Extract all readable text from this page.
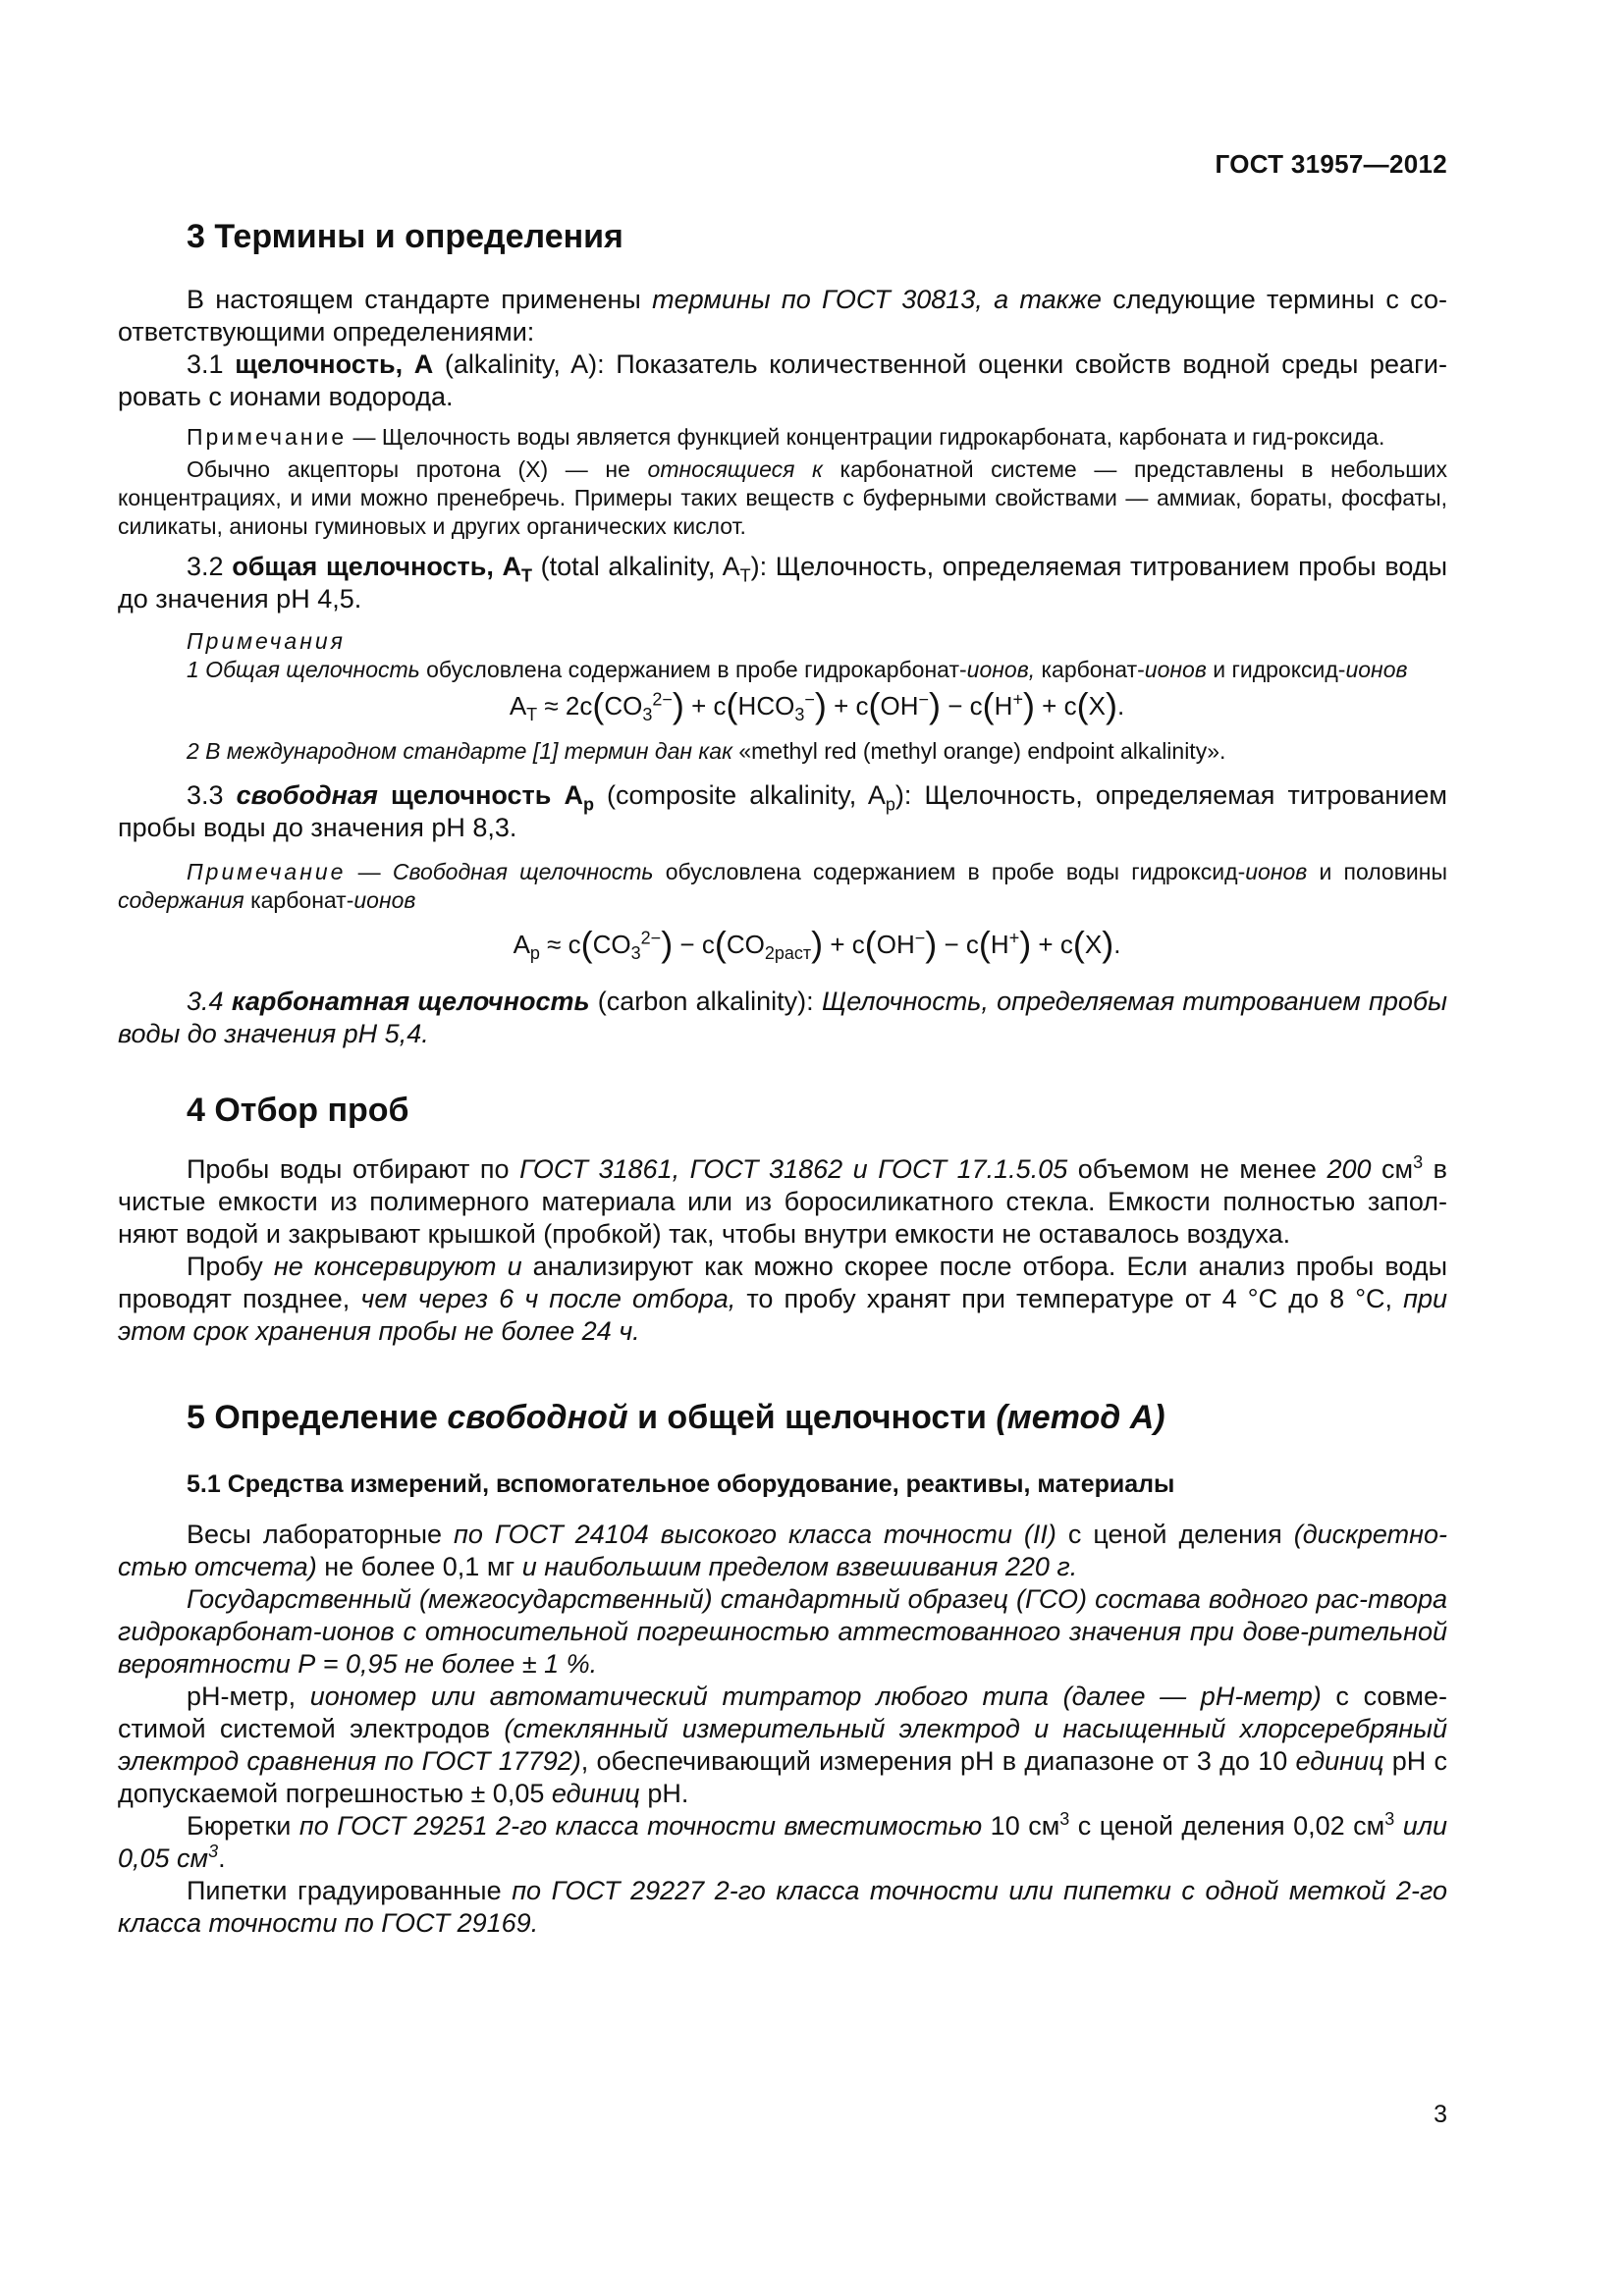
ГОСТ 31957—2012
3 Термины и определения

В настоящем стандарте применены термины по ГОСТ 30813, а также следующие термины с со-ответствующими определениями:

3.1 щелочность, А (alkalinity, A): Показатель количественной оценки свойств водной среды реаги-ровать с ионами водорода.

Примечание — Щелочность воды является функцией концентрации гидрокарбоната, карбоната и гид-роксида.

Обычно акцепторы протона (X) — не относящиеся к карбонатной системе — представлены в небольших концентрациях, и ими можно пренебречь. Примеры таких веществ с буферными свойствами — аммиак, бораты, фосфаты, силикаты, анионы гуминовых и других органических кислот.

3.2 общая щелочность, $A_T$ (total alkalinity, $A_T$): Щелочность, определяемая титрованием пробы воды до значения pH 4,5.

Примечания

1 Общая щелочность обусловлена содержанием в пробе гидрокарбонат-ионов, карбонат-ионов и гидроксид-ионов

$A_T \approx 2c(CO_3^{2-}) + c(HCO_3^-) + c(OH^-) - c(H^+) + c(X)$.

2 В международном стандарте [1] термин дан как «methyl red (methyl orange) endpoint alkalinity».

3.3 свободная щелочность $A_p$ (composite alkalinity, $A_p$): Щелочность, определяемая титрованием пробы воды до значения pH 8,3.

Примечание — Свободная щелочность обусловлена содержанием в пробе воды гидроксид-ионов и половины содержания карбонат-ионов

$A_p \approx c(CO_3^{2-}) - c(CO_{2раст}) + c(OH^-) - c(H^+) + c(X)$.

3.4 карбонатная щелочность (carbon alkalinity): Щелочность, определяемая титрованием пробы воды до значения pH 5,4.

4 Отбор проб

Пробы воды отбирают по ГОСТ 31861, ГОСТ 31862 и ГОСТ 17.1.5.05 объемом не менее 200 $см^3$ в чистые емкости из полимерного материала или из боросиликатного стекла. Емкости полностью запол-няют водой и закрывают крышкой (пробкой) так, чтобы внутри емкости не оставалось воздуха.

Пробу не консервируют и анализируют как можно скорее после отбора. Если анализ пробы воды проводят позднее, чем через 6 ч после отбора, то пробу хранят при температуре от 4 °С до 8 °С, при этом срок хранения пробы не более 24 ч.

5 Определение свободной и общей щелочности (метод А)
5.1 Средства измерений, вспомогательное оборудование, реактивы, материалы

Весы лабораторные по ГОСТ 24104 высокого класса точности (II) с ценой деления (дискретно-стью отсчета) не более 0,1 мг и наибольшим пределом взвешивания 220 г.

Государственный (межгосударственный) стандартный образец (ГСО) состава водного рас-твора гидрокарбонат-ионов с относительной погрешностью аттестованного значения при дове-рительной вероятности Р = 0,95 не более ± 1 %.

рН-метр, иономер или автоматический титратор любого типа (далее — рН-метр) с совме-стимой системой электродов (стеклянный измерительный электрод и насыщенный хлорсеребряный электрод сравнения по ГОСТ 17792), обеспечивающий измерения pH в диапазоне от 3 до 10 единиц pH с допускаемой погрешностью ± 0,05 единиц pH.

Бюретки по ГОСТ 29251 2-го класса точности вместимостью 10 $см^3$ с ценой деления 0,02 $см^3$ или 0,05 $см^3$.

Пипетки градуированные по ГОСТ 29227 2-го класса точности или пипетки с одной меткой 2-го класса точности по ГОСТ 29169.

3
